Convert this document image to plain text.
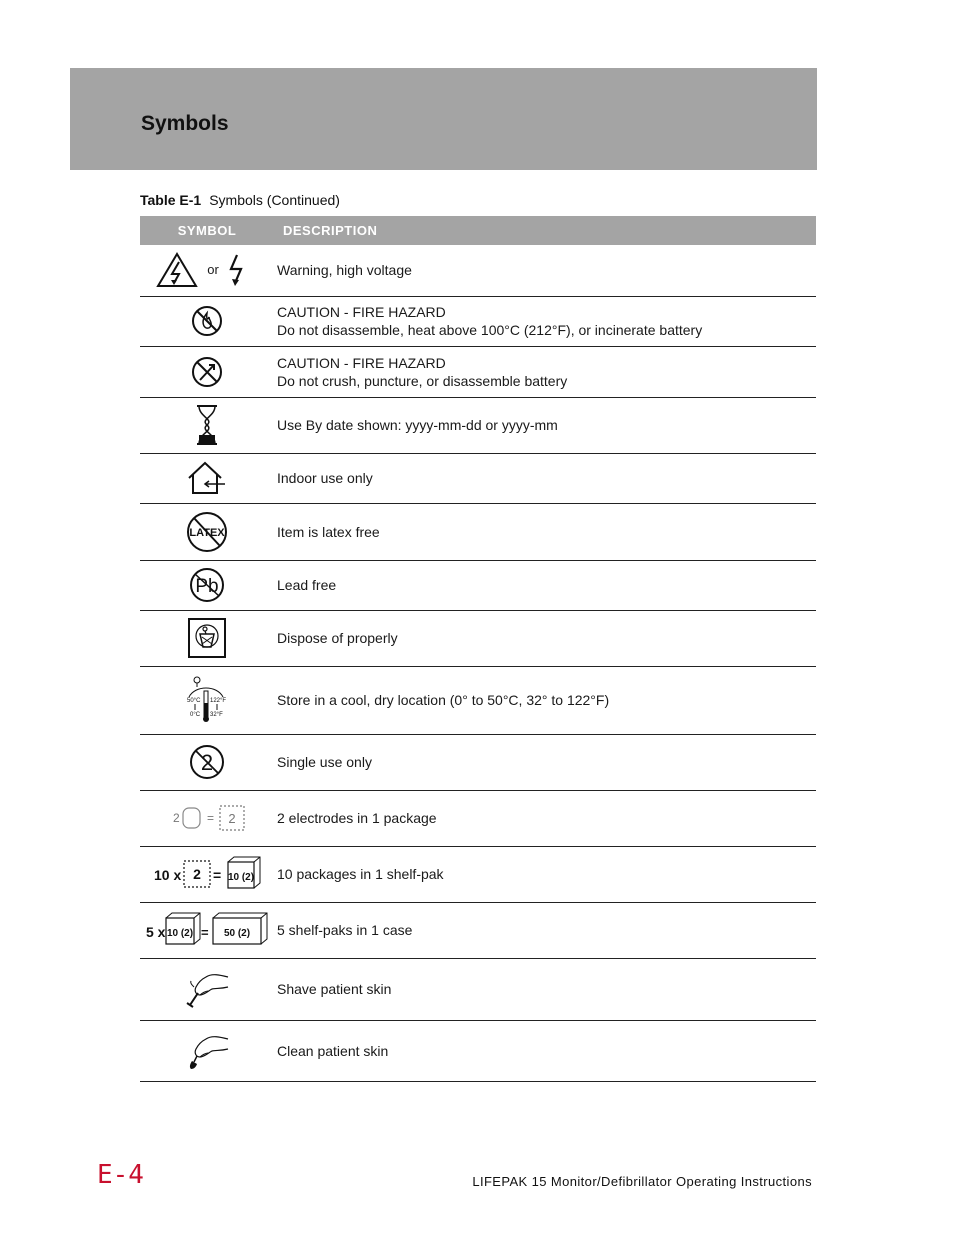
Symbols
Table E-1 Symbols (Continued)
SYMBOL	DESCRIPTION

or	Warning, high voltage

CAUTION - FIRE HAZARD
Do not disassemble, heat above 100°C (212°F), or incinerate battery

CAUTION - FIRE HAZARD
Do not crush, puncture, or disassemble battery

Use By date shown: yyyy-mm-dd or yyyy-mm

Indoor use only

LATEX	Item is latex free

Pb	Lead free

Dispose of properly

50°C 122°F
0°C 32°F	Store in a cool, dry location (0° to 50°C, 32° to 122°F)

2	Single use only

2 = 2	2 electrodes in 1 package

10 x 2 = 10 (2)	10 packages in 1 shelf-pak

5 x 10 (2) = 50 (2)	5 shelf-paks in 1 case

Shave patient skin

Clean patient skin
E-4	LIFEPAK 15 Monitor/Defibrillator Operating Instructions
